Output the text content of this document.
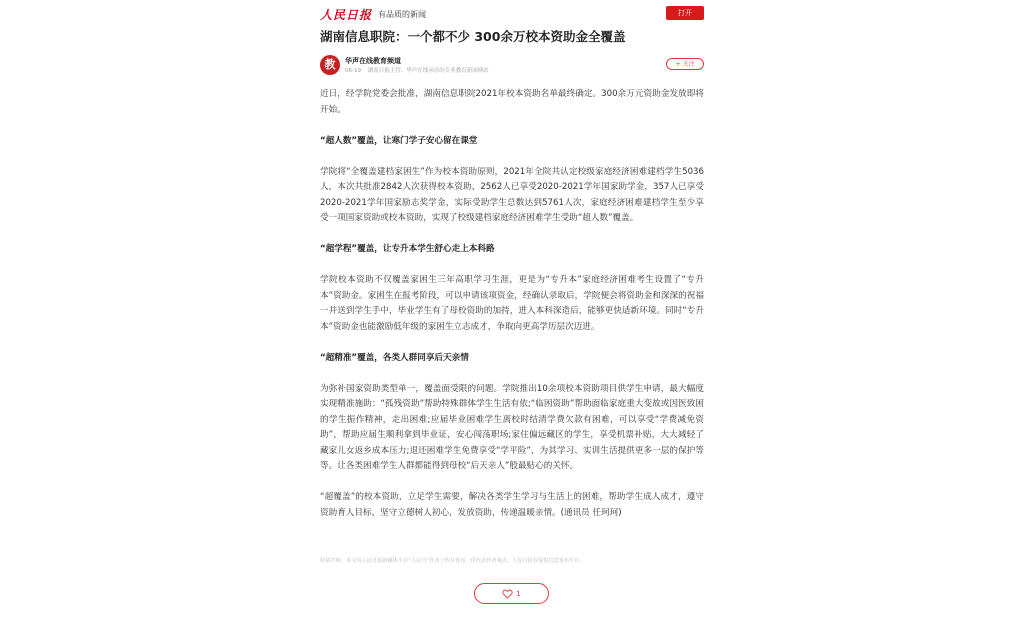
人民日报 有品质的新闻	打开
湖南信息职院：一个都不少 300余万校本资助金全覆盖
教	华声在线教育频道
06-19 湖南日报主管、华声在线承办的专业教育新闻网站
+ 关注

近日，经学院党委会批准，湖南信息职院2021年校本资助名单最终确定。300余万元资助金发放即将开始。

“超人数”覆盖，让寒门学子安心留在课堂

学院将“全覆盖建档家困生”作为校本资助原则，2021年全院共认定校级家庭经济困难建档学生5036人，本次共批准2842人次获得校本资助，2562人已享受2020-2021学年国家助学金，357人已享受2020-2021学年国家励志奖学金，实际受助学生总数达到5761人次，家庭经济困难建档学生至少享受一项国家资助或校本资助，实现了校级建档家庭经济困难学生受助“超人数”覆盖。

“超学程”覆盖，让专升本学生舒心走上本科路

学院校本资助不仅覆盖家困生三年高职学习生涯，更是为“专升本”家庭经济困难考生设置了“专升本”资助金。家困生在报考阶段，可以申请该项资金，经确认录取后，学院便会将资助金和深深的祝福一并送到学生手中，毕业学生有了母校资助的加持，进入本科深造后，能够更快适新环境。同时“专升本”资助金也能激励低年级的家困生立志成才，争取向更高学历层次迈进。

“超精准”覆盖，各类人群同享后天亲情

为弥补国家资助类型单一，覆盖面受限的问题。学院推出10余项校本资助项目供学生申请，最大幅度实现精准施助：“孤残资助”帮助特殊群体学生生活有依;“临困资助”帮助面临家庭重大变故或因医致困的学生振作精神，走出困难;应届毕业困难学生离校时结清学费欠款有困难，可以享受“学费减免资助”，帮助应届生顺利拿到毕业证，安心闯荡职场;家住偏远藏区的学生，享受机票补贴，大大减轻了藏家儿女返乡成本压力;退还困难学生免费享受“学平险”，为其学习、实训生活提供更多一层的保护等等。让各类困难学生人群都能得到母校“后天亲人”般最贴心的关怀。

“超覆盖”的校本资助，立足学生需要，解决各类学生学习与生活上的困难，帮助学生成人成才，遵守资助育人目标，坚守立德树人初心，发放资助，传递温暖亲情。(通讯员 任珂珂)

特别声明：本文为人民日报新媒体平台“人民号”作者上传并发布，仅代表作者观点。人民日报仅提供信息发布平台。
1
